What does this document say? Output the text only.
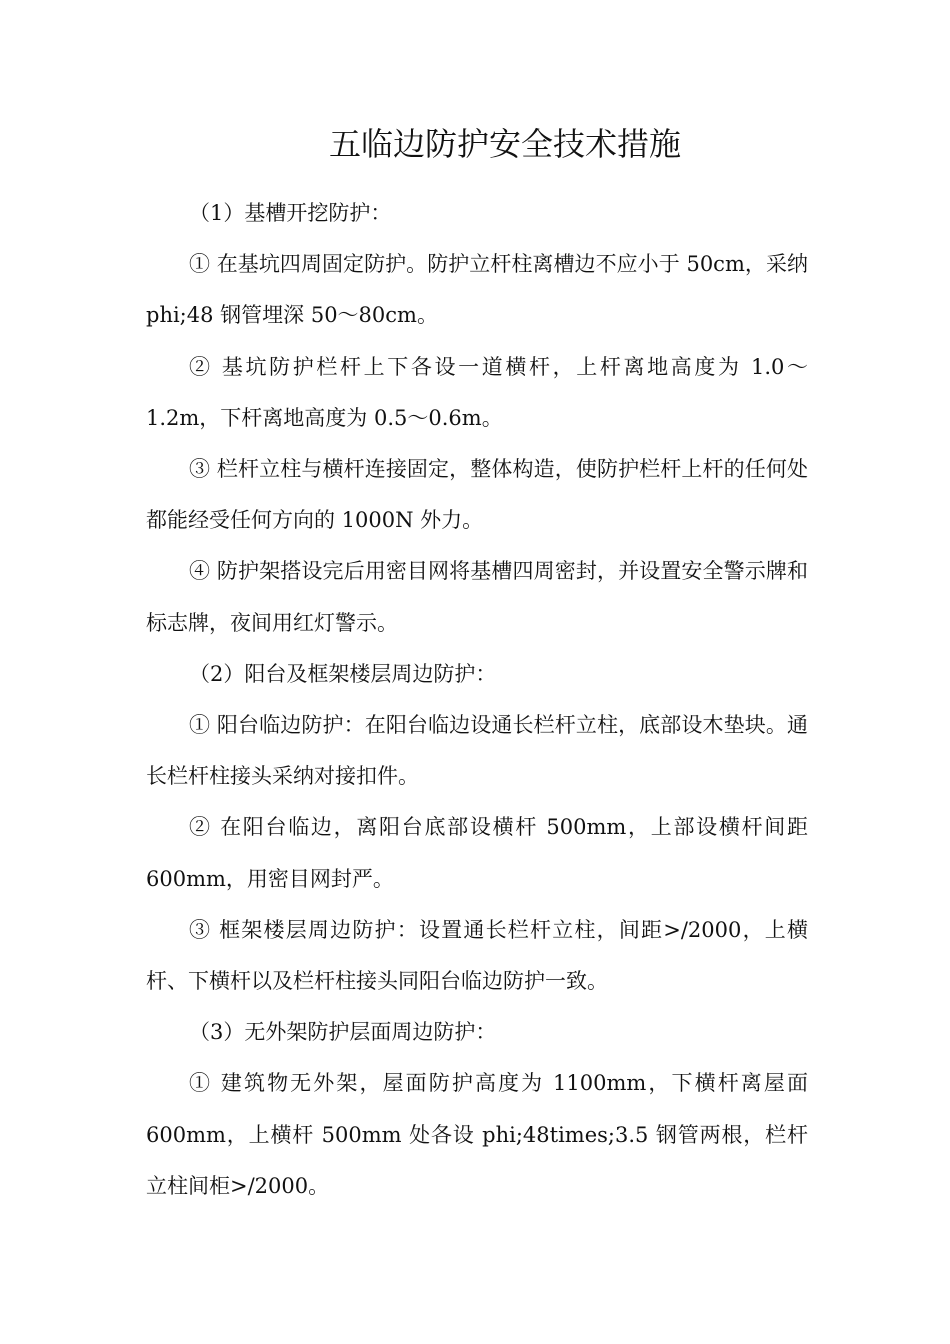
五临边防护安全技术措施

（1）基槽开挖防护：

① 在基坑四周固定防护。防护立杆柱离槽边不应小于 50cm，采纳 phi;48 钢管埋深 50～80cm。

② 基坑防护栏杆上下各设一道横杆，上杆离地高度为 1.0～1.2m，下杆离地高度为 0.5～0.6m。

③ 栏杆立柱与横杆连接固定，整体构造，使防护栏杆上杆的任何处都能经受任何方向的 1000N 外力。

④ 防护架搭设完后用密目网将基槽四周密封，并设置安全警示牌和标志牌，夜间用红灯警示。

（2）阳台及框架楼层周边防护：

① 阳台临边防护：在阳台临边设通长栏杆立柱，底部设木垫块。通长栏杆柱接头采纳对接扣件。

② 在阳台临边，离阳台底部设横杆 500mm，上部设横杆间距 600mm，用密目网封严。

③ 框架楼层周边防护：设置通长栏杆立柱，间距>/2000，上横杆、下横杆以及栏杆柱接头同阳台临边防护一致。

（3）无外架防护层面周边防护：

① 建筑物无外架，屋面防护高度为 1100mm，下横杆离屋面 600mm，上横杆 500mm 处各设 phi;48times;3.5 钢管两根，栏杆立柱间柜>/2000。
